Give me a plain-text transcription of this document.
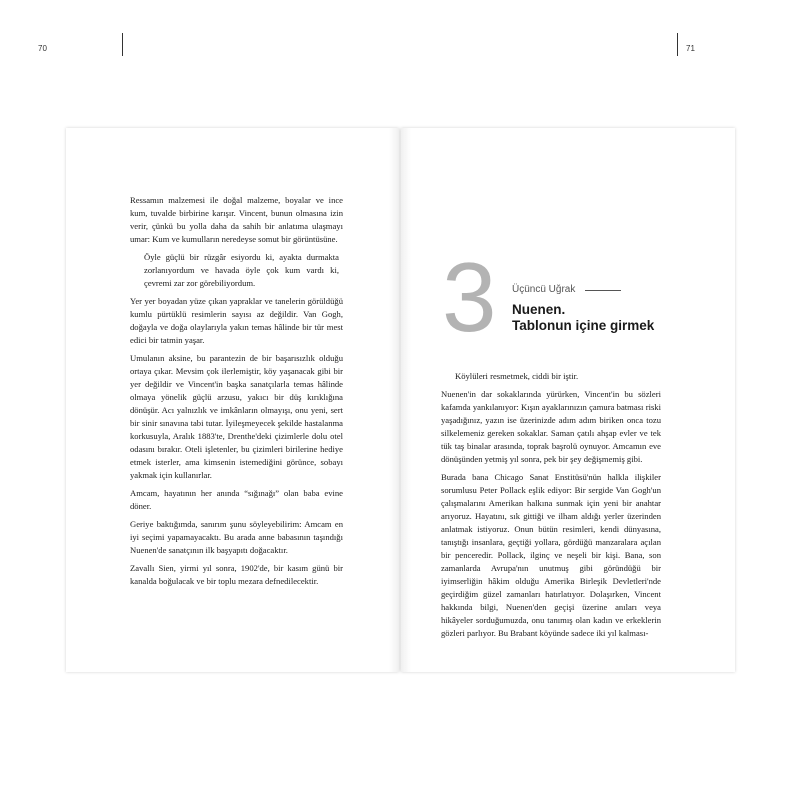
70	71

Ressamın malzemesi ile doğal malzeme, boyalar ve ince kum, tuvalde birbirine karışır. Vincent, bunun olmasına izin verir, çünkü bu yolla daha da sahih bir anlatıma ulaşmayı umar: Kum ve kumulların neredeyse somut bir görüntüsüne.

Öyle güçlü bir rüzgâr esiyordu ki, ayakta durmakta zorlanıyordum ve havada öyle çok kum vardı ki, çevremi zar zor görebiliyordum.

Yer yer boyadan yüze çıkan yapraklar ve tanelerin görüldüğü kumlu pürtüklü resimlerin sayısı az değildir. Van Gogh, doğayla ve doğa olaylarıyla yakın temas hâlinde bir tür mest edici bir tatmin yaşar.

Umulanın aksine, bu parantezin de bir başarısızlık olduğu ortaya çıkar. Mevsim çok ilerlemiştir, köy yaşanacak gibi bir yer değildir ve Vincent'in başka sanatçılarla temas hâlinde olmaya yönelik güçlü arzusu, yakıcı bir düş kırıklığına dönüşür. Acı yalnızlık ve imkânların olmayışı, onu yeni, sert bir sinir sınavına tabi tutar. İyileşmeyecek şekilde hastalanma korkusuyla, Aralık 1883'te, Drenthe'deki çizimlerle dolu otel odasını bırakır. Oteli işletenler, bu çizimleri birilerine hediye etmek isterler, ama kimsenin istemediğini görünce, sobayı yakmak için kullanırlar.

Amcam, hayatının her anında “sığınağı” olan baba evine döner.

Geriye baktığımda, sanırım şunu söyleyebilirim: Amcam en iyi seçimi yapamayacaktı. Bu arada anne babasının taşındığı Nuenen'de sanatçının ilk başyapıtı doğacaktır.

Zavallı Sien, yirmi yıl sonra, 1902'de, bir kasım günü bir kanalda boğulacak ve bir toplu mezara defnedilecektir.

3 Üçüncü Uğrak
Nuenen.
Tablonun içine girmek

Köylüleri resmetmek, ciddi bir iştir.

Nuenen'in dar sokaklarında yürürken, Vincent'in bu sözleri kafamda yankılanıyor: Kışın ayaklarınızın çamura batması riski yaşadığınız, yazın ise üzerinizde adım adım biriken onca tozu silkelemeniz gereken sokaklar. Saman çatılı ahşap evler ve tek tük taş binalar arasında, toprak başrolü oynuyor. Amcamın eve dönüşünden yetmiş yıl sonra, pek bir şey değişmemiş gibi.

Burada bana Chicago Sanat Enstitüsü'nün halkla ilişkiler sorumlusu Peter Pollack eşlik ediyor: Bir sergide Van Gogh'un çalışmalarını Amerikan halkına sunmak için yeni bir anahtar arıyoruz. Hayatını, sık gittiği ve ilham aldığı yerler üzerinden anlatmak istiyoruz. Onun bütün resimleri, kendi dünyasına, tanıştığı insanlara, geçtiği yollara, gördüğü manzaralara açılan bir penceredir. Pollack, ilginç ve neşeli bir kişi. Bana, son zamanlarda Avrupa'nın unutmuş gibi göründüğü bir iyimserliğin hâkim olduğu Amerika Birleşik Devletleri'nde geçirdiğim güzel zamanları hatırlatıyor. Dolaşırken, Vincent hakkında bilgi, Nuenen'den geçişi üzerine anıları veya hikâyeler sorduğumuzda, onu tanımış olan kadın ve erkeklerin gözleri parlıyor. Bu Brabant köyünde sadece iki yıl kalması-
